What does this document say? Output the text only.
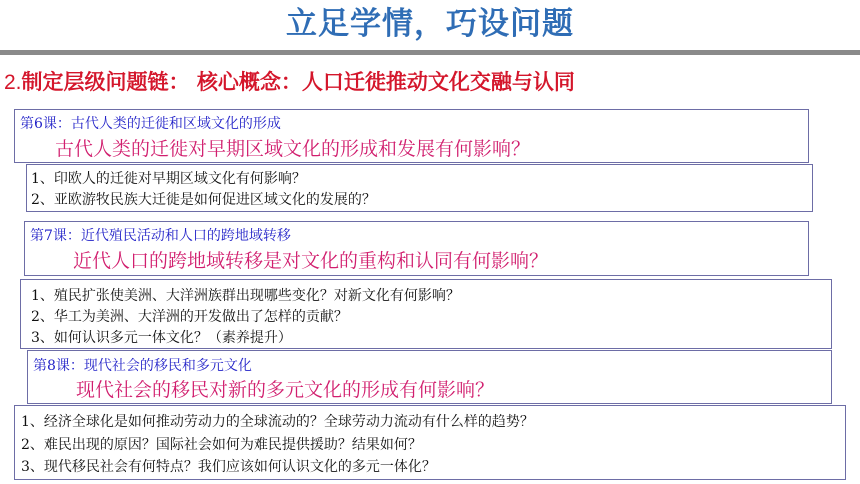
立足学情，巧设问题
2.制定层级问题链： 核心概念：人口迁徙推动文化交融与认同
第6课：古代人类的迁徙和区域文化的形成
古代人类的迁徙对早期区域文化的形成和发展有何影响？
1、印欧人的迁徙对早期区域文化有何影响？
2、亚欧游牧民族大迁徙是如何促进区域文化的发展的？
第7课：近代殖民活动和人口的跨地域转移
近代人口的跨地域转移是对文化的重构和认同有何影响？
1、殖民扩张使美洲、大洋洲族群出现哪些变化？对新文化有何影响？
2、华工为美洲、大洋洲的开发做出了怎样的贡献？
3、如何认识多元一体文化？（素养提升）
第8课：现代社会的移民和多元文化
现代社会的移民对新的多元文化的形成有何影响？
1、经济全球化是如何推动劳动力的全球流动的？全球劳动力流动有什么样的趋势？
2、难民出现的原因？国际社会如何为难民提供援助？结果如何？
3、现代移民社会有何特点？我们应该如何认识文化的多元一体化？
